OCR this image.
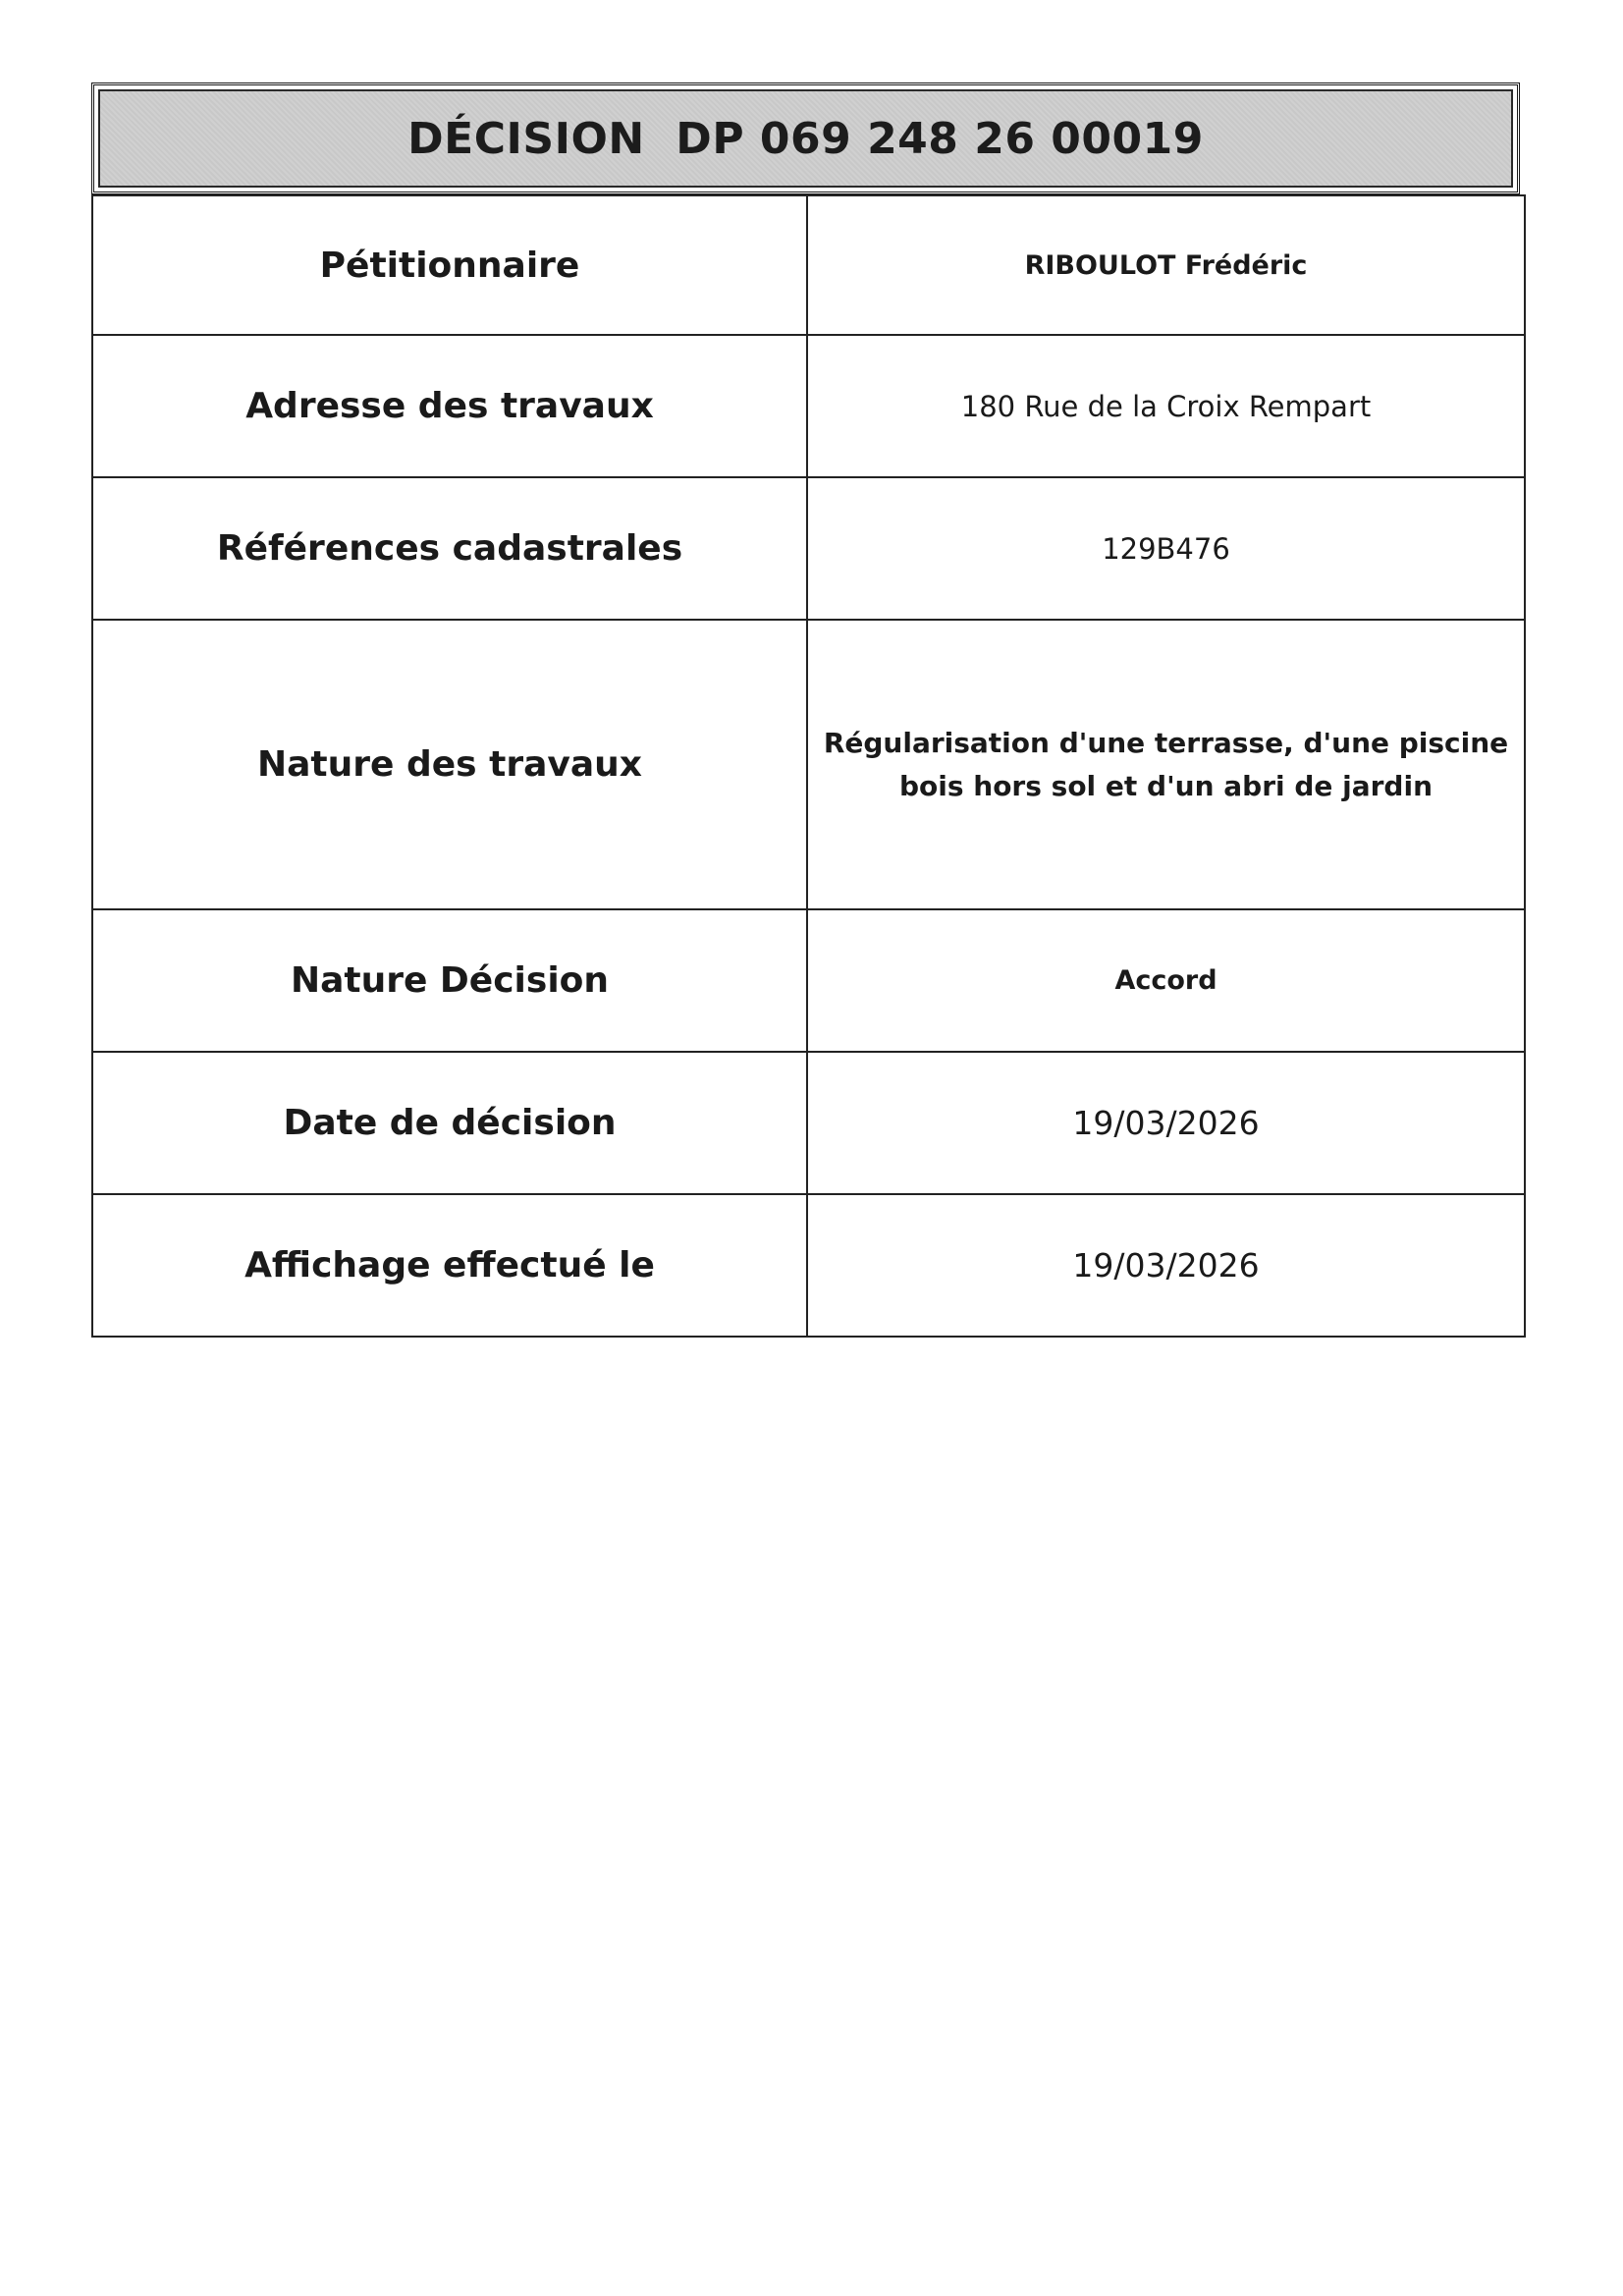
DÉCISION  DP 069 248 26 00019
Pétitionnaire	RIBOULOT Frédéric
Adresse des travaux	180 Rue de la Croix Rempart
Références cadastrales	129B476
Nature des travaux	Régularisation d'une terrasse, d'une piscine bois hors sol et d'un abri de jardin
Nature Décision	Accord
Date de décision	19/03/2026
Affichage effectué le	19/03/2026
